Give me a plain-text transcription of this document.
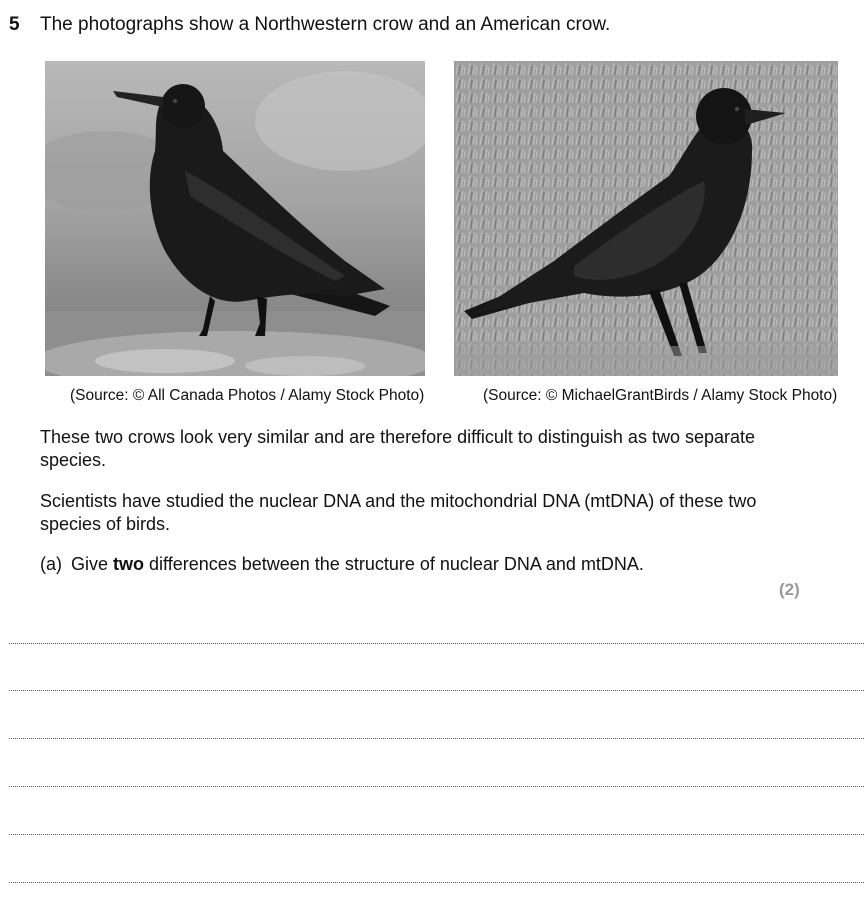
5 The photographs show a Northwestern crow and an American crow.
(Source: © All Canada Photos / Alamy Stock Photo)	(Source: © MichaelGrantBirds / Alamy Stock Photo)
These two crows look very similar and are therefore difficult to distinguish as two separate species.
Scientists have studied the nuclear DNA and the mitochondrial DNA (mtDNA) of these two species of birds.
(a) Give two differences between the structure of nuclear DNA and mtDNA.
(2)
